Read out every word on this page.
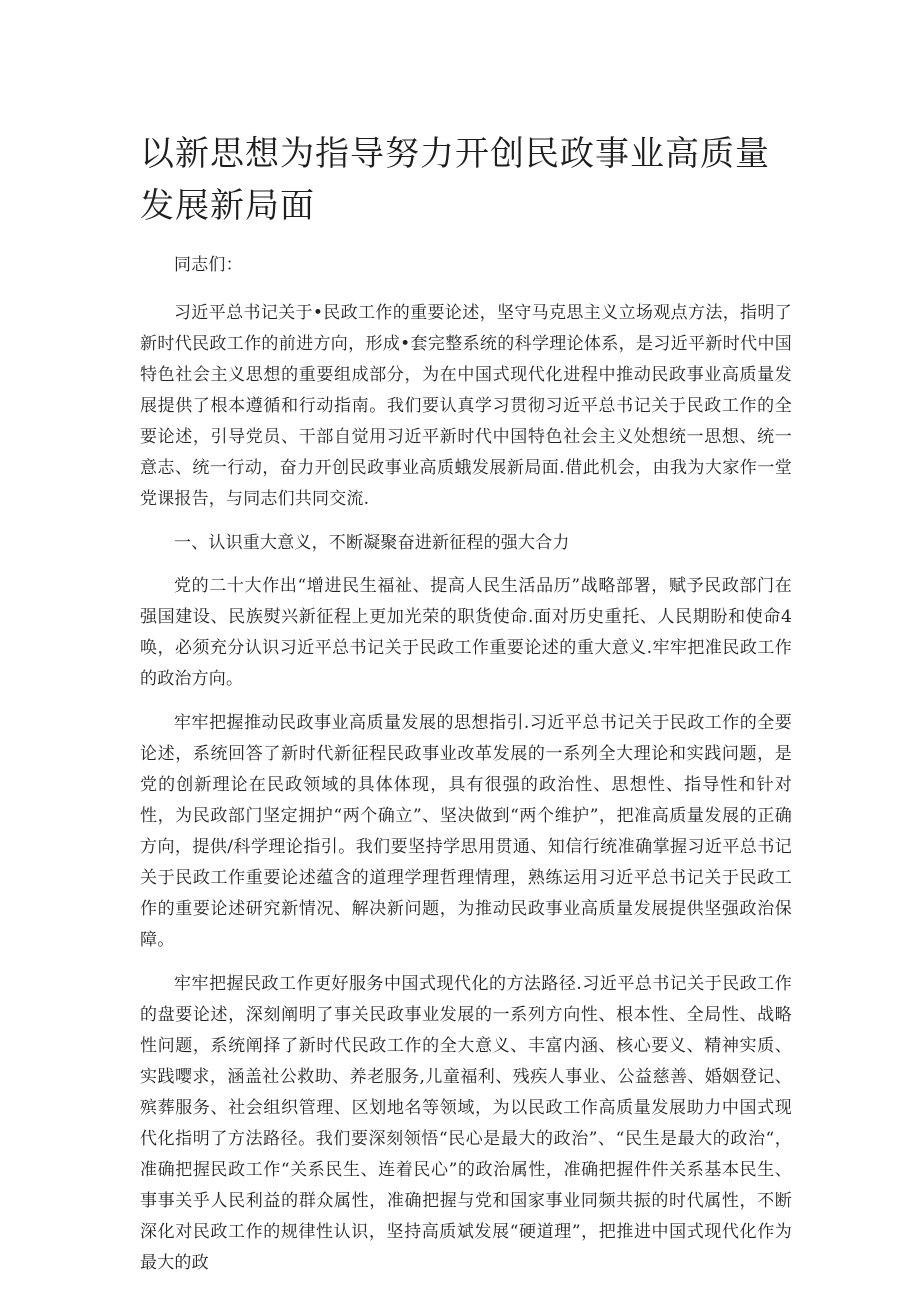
以新思想为指导努力开创民政事业高质量发展新局面

同志们：

习近平总书记关于•民政工作的重要论述，坚守马克思主义立场观点方法，指明了新时代民政工作的前进方向，形成•套完整系统的科学理论体系，是习近平新时代中国特色社会主义思想的重要组成部分，为在中国式现代化进程中推动民政事业高质量发展提供了根本遵循和行动指南。我们要认真学习贯彻习近平总书记关于民政工作的全要论述，引导党员、干部自觉用习近平新时代中国特色社会主义处想统一思想、统一意志、统一行动，奋力开创民政事业高质蛾发展新局面.借此机会，由我为大家作一堂党课报告，与同志们共同交流.

一、认识重大意义，不断凝聚奋进新征程的强大合力

党的二十大作出“增进民生福祉、提高人民生活品历”战略部署，赋予民政部门在强国建设、民族熨兴新征程上更加光荣的职货使命.面对历史重托、人民期盼和使命4唤，必须充分认识习近平总书记关于民政工作重要论述的重大意义.牢牢把准民政工作的政治方向。

牢牢把握推动民政事业高质量发展的思想指引.习近平总书记关于民政工作的全要论述，系统回答了新时代新征程民政事业改革发展的一系列全大理论和实践问题，是党的创新理论在民政领域的具体体现，具有很强的政治性、思想性、指导性和针对性，为民政部门坚定拥护“两个确立”、坚决做到“两个维护”，把准高质量发展的正确方向，提供/科学理论指引。我们要坚持学思用贯通、知信行统准确掌握习近平总书记关于民政工作重要论述蕴含的道理学理哲理情理，熟练运用习近平总书记关于民政工作的重要论述研究新情况、解决新问题，为推动民政事业高质量发展提供坚强政治保障。

牢牢把握民政工作更好服务中国式现代化的方法路径.习近平总书记关于民政工作的盘要论述，深刻阐明了事关民政事业发展的一系列方向性、根本性、全局性、战略性问题，系统阐择了新时代民政工作的全大意义、丰富内涵、核心要义、精神实质、实践嘤求，涵盖社公救助、养老服务,儿童福利、残疾人事业、公益慈善、婚姻登记、殡葬服务、社会组织管理、区划地名等领域，为以民政工作高质量发展助力中国式现代化指明了方法路径。我们要深刻领悟“民心是最大的政治”、“民生是最大的政治“，准确把握民政工作“关系民生、连着民心”的政治属性，准确把握件件关系基本民生、事事关乎人民利益的群众属性，准确把握与党和国家事业同频共振的时代属性，不断深化对民政工作的规律性认识，坚持高质斌发展“硬道理”，把推进中国式现代化作为最大的政
